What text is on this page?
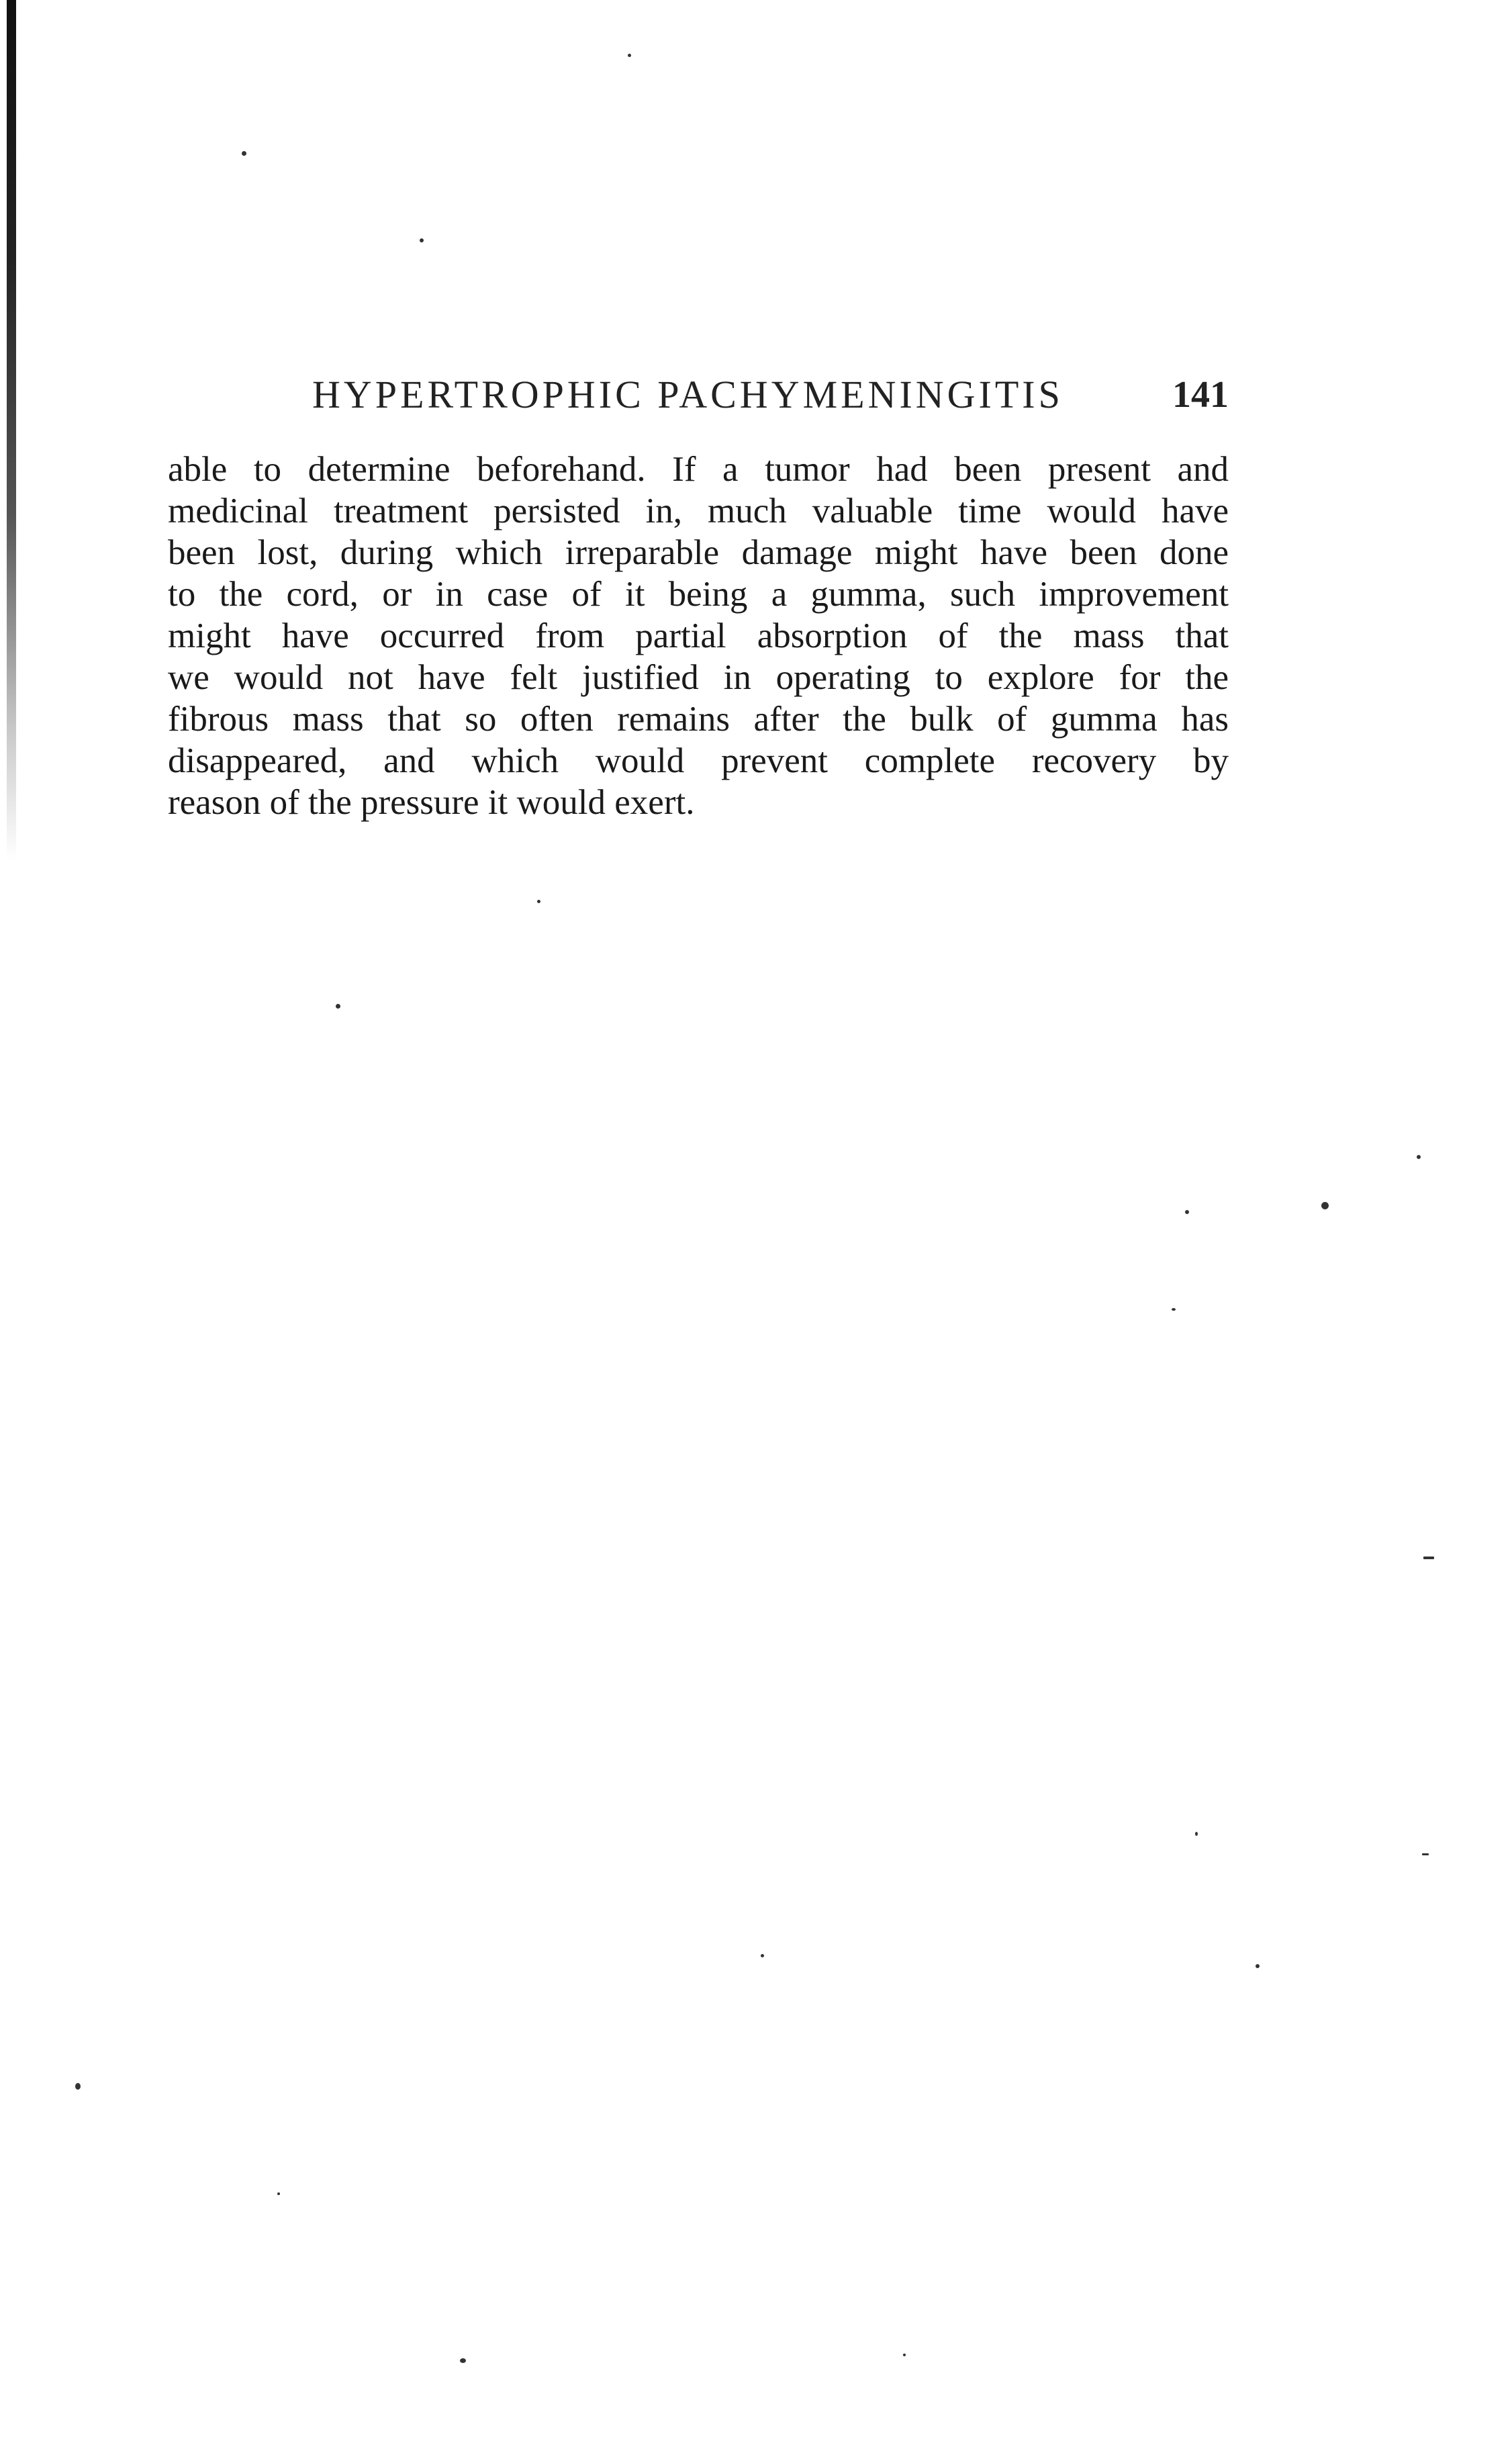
HYPERTROPHIC PACHYMENINGITIS	141
able to determine beforehand. If a tumor had been present and
medicinal treatment persisted in, much valuable time would have
been lost, during which irreparable damage might have been done
to the cord, or in case of it being a gumma, such improvement
might have occurred from partial absorption of the mass that
we would not have felt justified in operating to explore for the
fibrous mass that so often remains after the bulk of gumma has
disappeared, and which would prevent complete recovery by
reason of the pressure it would exert.
